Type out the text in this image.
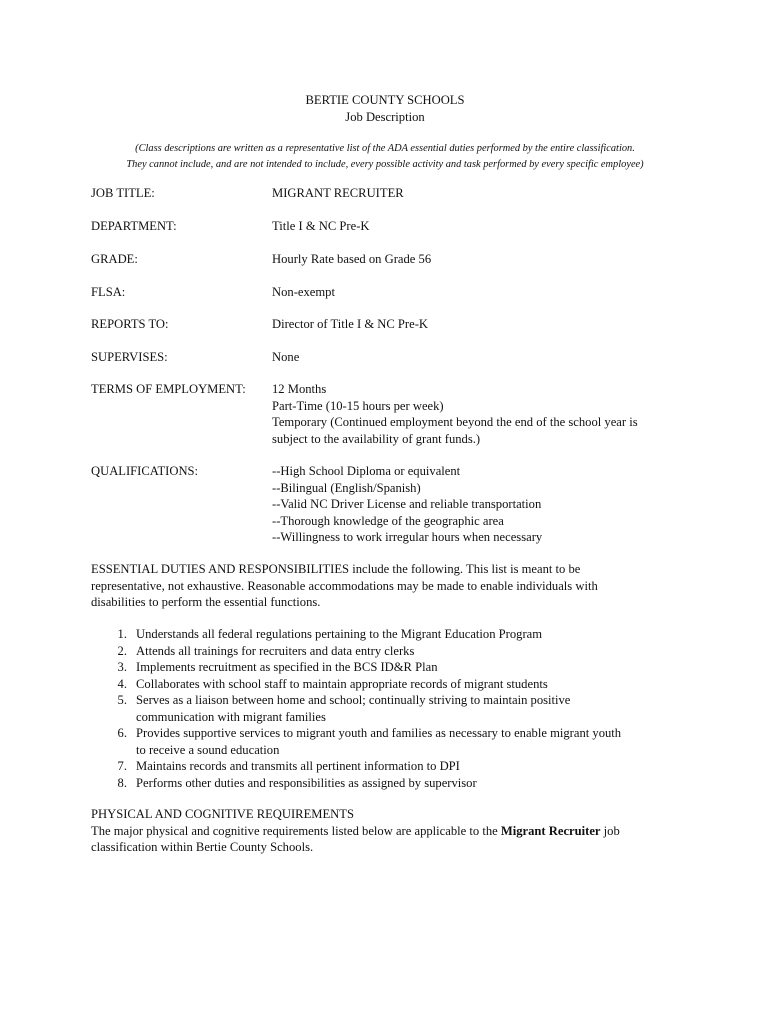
BERTIE COUNTY SCHOOLS
Job Description
(Class descriptions are written as a representative list of the ADA essential duties performed by the entire classification.
They cannot include, and are not intended to include, every possible activity and task performed by every specific employee)
JOB TITLE:	MIGRANT RECRUITER
DEPARTMENT:	Title I & NC Pre-K
GRADE:	Hourly Rate based on Grade 56
FLSA:	Non-exempt
REPORTS TO:	Director of Title I & NC Pre-K
SUPERVISES:	None
TERMS OF EMPLOYMENT: 12 Months
Part-Time (10-15 hours per week)
Temporary (Continued employment beyond the end of the school year is
subject to the availability of grant funds.)
QUALIFICATIONS:	--High School Diploma or equivalent
--Bilingual (English/Spanish)
--Valid NC Driver License and reliable transportation
--Thorough knowledge of the geographic area
--Willingness to work irregular hours when necessary
ESSENTIAL DUTIES AND RESPONSIBILITIES include the following. This list is meant to be
representative, not exhaustive. Reasonable accommodations may be made to enable individuals with
disabilities to perform the essential functions.
1. Understands all federal regulations pertaining to the Migrant Education Program
2. Attends all trainings for recruiters and data entry clerks
3. Implements recruitment as specified in the BCS ID&R Plan
4. Collaborates with school staff to maintain appropriate records of migrant students
5. Serves as a liaison between home and school; continually striving to maintain positive
communication with migrant families
6. Provides supportive services to migrant youth and families as necessary to enable migrant youth
to receive a sound education
7. Maintains records and transmits all pertinent information to DPI
8. Performs other duties and responsibilities as assigned by supervisor
PHYSICAL AND COGNITIVE REQUIREMENTS
The major physical and cognitive requirements listed below are applicable to the Migrant Recruiter job
classification within Bertie County Schools.
